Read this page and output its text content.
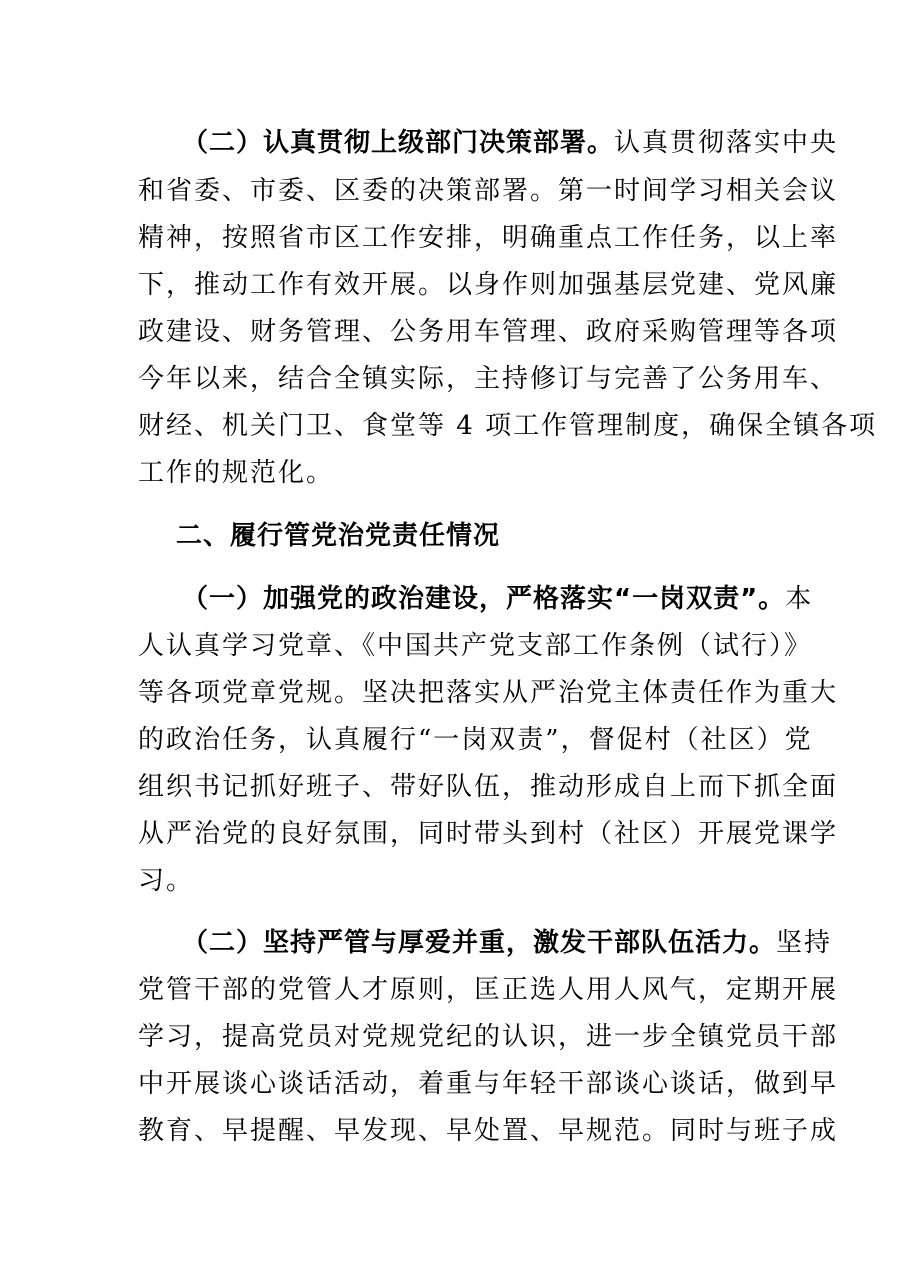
（二）认真贯彻上级部门决策部署。认真贯彻落实中央
和省委、市委、区委的决策部署。第一时间学习相关会议
精神，按照省市区工作安排，明确重点工作任务，以上率
下，推动工作有效开展。以身作则加强基层党建、党风廉
政建设、财务管理、公务用车管理、政府采购管理等各项
今年以来，结合全镇实际，主持修订与完善了公务用车、
财经、机关门卫、食堂等 4 项工作管理制度，确保全镇各项
工作的规范化。
二、履行管党治党责任情况
（一）加强党的政治建设，严格落实“一岗双责”。本
人认真学习党章、《中国共产党支部工作条例（试行）》
等各项党章党规。坚决把落实从严治党主体责任作为重大
的政治任务，认真履行“一岗双责”，督促村（社区）党
组织书记抓好班子、带好队伍，推动形成自上而下抓全面
从严治党的良好氛围，同时带头到村（社区）开展党课学
习。
（二）坚持严管与厚爱并重，激发干部队伍活力。坚持
党管干部的党管人才原则，匡正选人用人风气，定期开展
学习，提高党员对党规党纪的认识，进一步全镇党员干部
中开展谈心谈话活动，着重与年轻干部谈心谈话，做到早
教育、早提醒、早发现、早处置、早规范。同时与班子成
